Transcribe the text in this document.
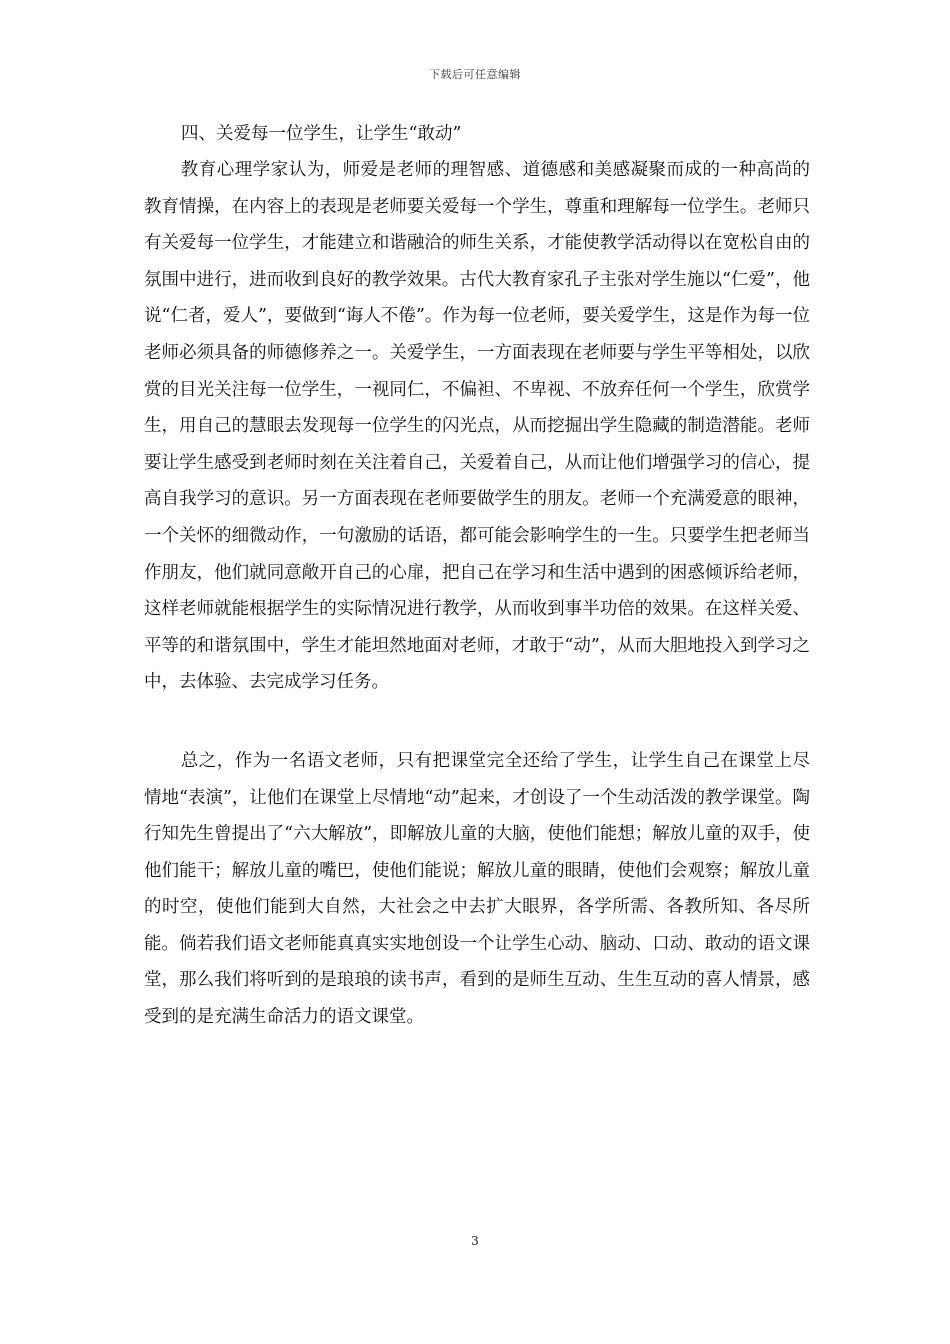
下载后可任意编辑
四、关爱每一位学生，让学生“敢动”

教育心理学家认为，师爱是老师的理智感、道德感和美感凝聚而成的一种高尚的教育情操，在内容上的表现是老师要关爱每一个学生，尊重和理解每一位学生。老师只有关爱每一位学生，才能建立和谐融洽的师生关系，才能使教学活动得以在宽松自由的氛围中进行，进而收到良好的教学效果。古代大教育家孔子主张对学生施以“仁爱”，他说“仁者，爱人”，要做到“诲人不倦”。作为每一位老师，要关爱学生，这是作为每一位老师必须具备的师德修养之一。关爱学生，一方面表现在老师要与学生平等相处，以欣赏的目光关注每一位学生，一视同仁，不偏袒、不卑视、不放弃任何一个学生，欣赏学生，用自己的慧眼去发现每一位学生的闪光点，从而挖掘出学生隐藏的制造潜能。老师要让学生感受到老师时刻在关注着自己，关爱着自己，从而让他们增强学习的信心，提高自我学习的意识。另一方面表现在老师要做学生的朋友。老师一个充满爱意的眼神，一个关怀的细微动作，一句激励的话语，都可能会影响学生的一生。只要学生把老师当作朋友，他们就同意敞开自己的心扉，把自己在学习和生活中遇到的困惑倾诉给老师，这样老师就能根据学生的实际情况进行教学，从而收到事半功倍的效果。在这样关爱、平等的和谐氛围中，学生才能坦然地面对老师，才敢于“动”，从而大胆地投入到学习之中，去体验、去完成学习任务。

总之，作为一名语文老师，只有把课堂完全还给了学生，让学生自己在课堂上尽情地“表演”，让他们在课堂上尽情地“动”起来，才创设了一个生动活泼的教学课堂。陶行知先生曾提出了“六大解放”，即解放儿童的大脑，使他们能想；解放儿童的双手，使他们能干；解放儿童的嘴巴，使他们能说；解放儿童的眼睛，使他们会观察；解放儿童的时空，使他们能到大自然，大社会之中去扩大眼界，各学所需、各教所知、各尽所能。倘若我们语文老师能真真实实地创设一个让学生心动、脑动、口动、敢动的语文课堂，那么我们将听到的是琅琅的读书声，看到的是师生互动、生生互动的喜人情景，感受到的是充满生命活力的语文课堂。

3
